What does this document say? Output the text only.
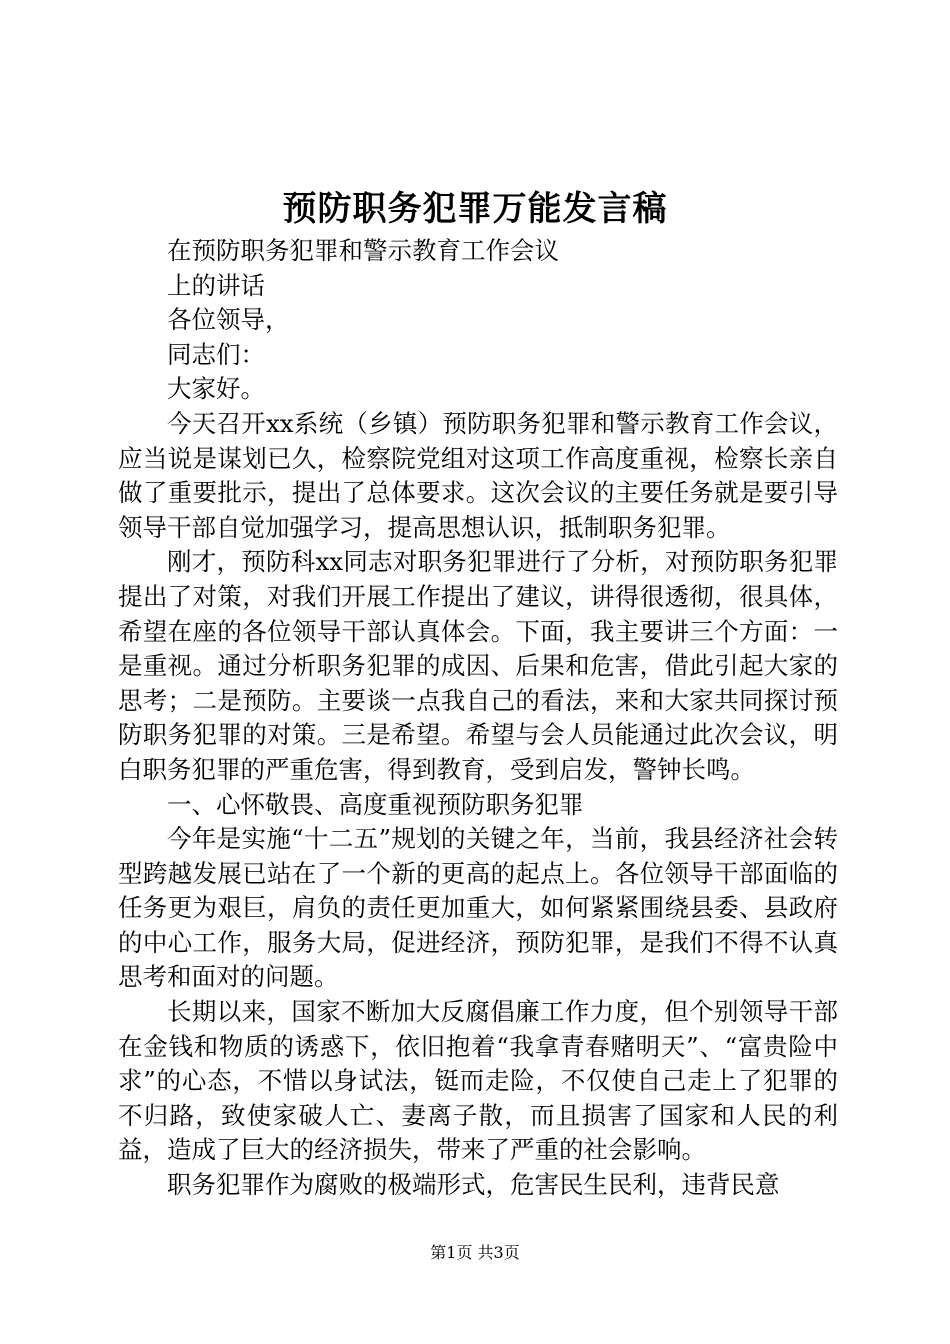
预防职务犯罪万能发言稿

在预防职务犯罪和警示教育工作会议

上的讲话

各位领导，

同志们：

大家好。

今天召开xx系统（乡镇）预防职务犯罪和警示教育工作会议，应当说是谋划已久，检察院党组对这项工作高度重视，检察长亲自做了重要批示，提出了总体要求。这次会议的主要任务就是要引导领导干部自觉加强学习，提高思想认识，抵制职务犯罪。

刚才，预防科xx同志对职务犯罪进行了分析，对预防职务犯罪提出了对策，对我们开展工作提出了建议，讲得很透彻，很具体，希望在座的各位领导干部认真体会。下面，我主要讲三个方面：一是重视。通过分析职务犯罪的成因、后果和危害，借此引起大家的思考；二是预防。主要谈一点我自己的看法，来和大家共同探讨预防职务犯罪的对策。三是希望。希望与会人员能通过此次会议，明白职务犯罪的严重危害，得到教育，受到启发，警钟长鸣。

一、心怀敬畏、高度重视预防职务犯罪

今年是实施“十二五”规划的关键之年，当前，我县经济社会转型跨越发展已站在了一个新的更高的起点上。各位领导干部面临的任务更为艰巨，肩负的责任更加重大，如何紧紧围绕县委、县政府的中心工作，服务大局，促进经济，预防犯罪，是我们不得不认真思考和面对的问题。

长期以来，国家不断加大反腐倡廉工作力度，但个别领导干部在金钱和物质的诱惑下，依旧抱着“我拿青春赌明天”、“富贵险中求”的心态，不惜以身试法，铤而走险，不仅使自己走上了犯罪的不归路，致使家破人亡、妻离子散，而且损害了国家和人民的利益，造成了巨大的经济损失，带来了严重的社会影响。

职务犯罪作为腐败的极端形式，危害民生民利，违背民意

第1页 共3页
